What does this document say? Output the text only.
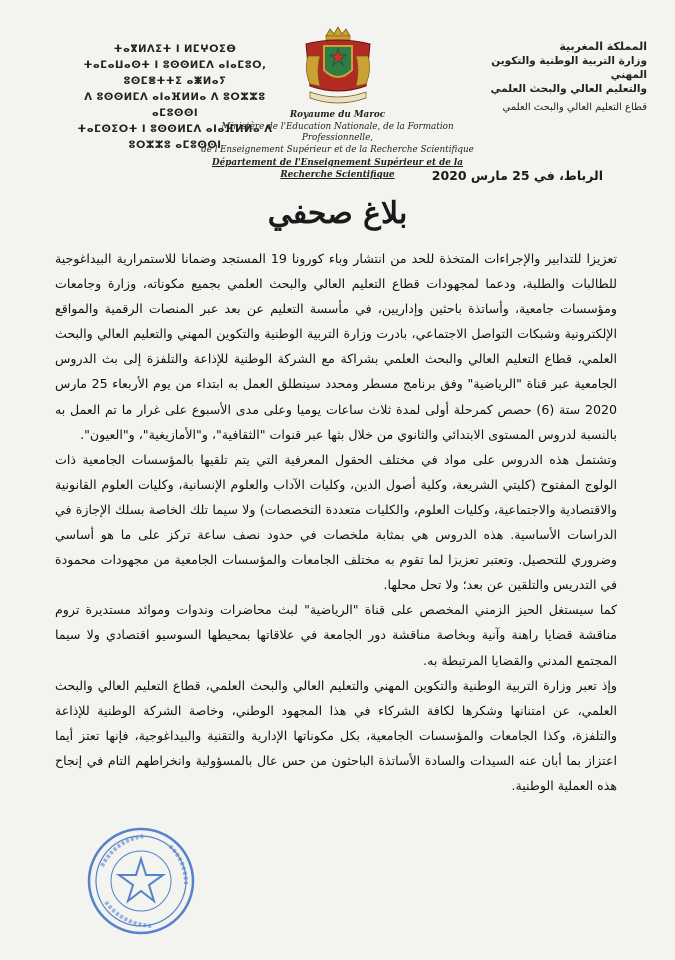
المملكة المغربية
وزارة التربية الوطنية والتكوين المهني
والتعليم العالي والبحث العلمي
قطاع التعليم العالي والبحث العلمي
ⵜⴰⴳⵍⴷⵉⵜ ⵏ ⵍⵎⵖⵔⵉⴱ
ⵜⴰⵎⴰⵡⴰⵙⵜ ⵏ ⵓⵙⵙⵍⵎⴷ ⴰⵏⴰⵎⵓⵔ, ⵓⵙⵎⴻⵜⵜⵉ ⴰⵥⵍⴰⵢ
ⴷ ⵓⵙⵙⵍⵎⴷ ⴰⵏⴰⴼⵍⵍⴰ ⴷ ⵓⵔⵣⵣⵓ ⴰⵎⵓⵙⵙⵏ
ⵜⴰⵎⵙⵉⵔⵜ ⵏ ⵓⵙⵙⵍⵎⴷ ⴰⵏⴰⴼⵍⵍⴰ ⴷ ⵓⵔⵣⵣⵓ ⴰⵎⵓⵙⵙⵏ
Royaume du Maroc
Ministère de l'Education Nationale, de la Formation Professionnelle,
de l'Enseignement Supérieur et de la Recherche Scientifique
Département de l'Enseignement Supérieur et de la Recherche Scientifique	الرباط، في 25 مارس 2020
بلاغ صحفي

تعزيزا للتدابير والإجراءات المتخذة للحد من انتشار وباء كورونا 19 المستجد وضمانا للاستمرارية البيداغوجية للطالبات والطلبة، ودعما لمجهودات قطاع التعليم العالي والبحث العلمي بجميع مكوناته، وزارة وجامعات ومؤسسات جامعية، وأساتذة باحثين وإداريين، في مأسسة التعليم عن بعد عبر المنصات الرقمية والمواقع الإلكترونية وشبكات التواصل الاجتماعي، بادرت وزارة التربية الوطنية والتكوين المهني والتعليم العالي والبحث العلمي، قطاع التعليم العالي والبحث العلمي بشراكة مع الشركة الوطنية للإذاعة والتلفزة إلى بث الدروس الجامعية عبر قناة "الرياضية" وفق برنامج مسطر ومحدد سينطلق العمل به ابتداء من يوم الأربعاء 25 مارس 2020 ستة (6) حصص كمرحلة أولى لمدة ثلاث ساعات يوميا وعلى مدى الأسبوع على غرار ما تم العمل به بالنسبة لدروس المستوى الابتدائي والثانوي من خلال بثها عبر قنوات "الثقافية"، و"الأمازيغية"، و"العيون".

وتشتمل هذه الدروس على مواد في مختلف الحقول المعرفية التي يتم تلقيها بالمؤسسات الجامعية ذات الولوج المفتوح (كليتي الشريعة، وكلية أصول الدين، وكليات الآداب والعلوم الإنسانية، وكليات العلوم القانونية والاقتصادية والاجتماعية، وكليات العلوم، والكليات متعددة التخصصات) ولا سيما تلك الخاصة بسلك الإجازة في الدراسات الأساسية. هذه الدروس هي بمثابة ملخصات في حدود نصف ساعة تركز على ما هو أساسي وضروري للتحصيل. وتعتبر تعزيزا لما تقوم به مختلف الجامعات والمؤسسات الجامعية من مجهودات محمودة في التدريس والتلقين عن بعد؛ ولا تحل محلها.

كما سيستغل الحيز الزمني المخصص على قناة "الرياضية" لبث محاضرات وندوات وموائد مستديرة تروم مناقشة قضايا راهنة وآنية وبخاصة مناقشة دور الجامعة في علاقاتها بمحيطها السوسيو اقتصادي ولا سيما المجتمع المدني والقضايا المرتبطة به.

وإذ تعبر وزارة التربية الوطنية والتكوين المهني والتعليم العالي والبحث العلمي، قطاع التعليم العالي والبحث العلمي، عن امتنانها وشكرها لكافة الشركاء في هذا المجهود الوطني، وخاصة الشركة الوطنية للإذاعة والتلفزة، وكذا الجامعات والمؤسسات الجامعية، بكل مكوناتها الإدارية والتقنية والبيداغوجية، فإنها تعتز أيما اعتزاز بما أبان عنه السيدات والسادة الأساتذة الباحثون من حس عال بالمسؤولية وانخراطهم التام في إنجاح هذه العملية الوطنية.
